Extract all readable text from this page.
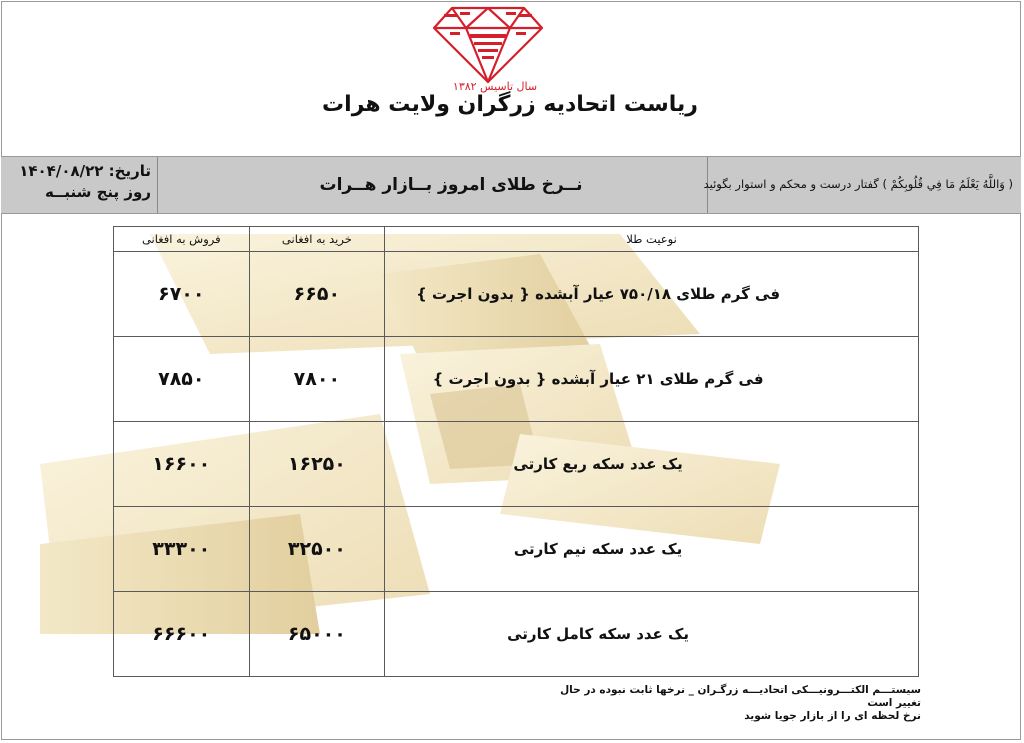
سال تاسیس ۱۳۸۲
ریاست اتحادیه زرگران ولایت هرات
تاریخ: ۱۴۰۴/۰۸/۲۲
روز پنج شنبــه	نــرخ طلای امروز بــازار هــرات	( وَاللَّهُ يَعْلَمُ مَا فِي قُلُوبِكُمْ ) گفتار درست و محکم و استوار بگوئید
نوعیت طلا	خرید به افغانی	فروش به افغانی
فی گرم طلای ۷۵۰/۱۸ عیار آبشده { بدون اجرت }	۶۶۵۰	۶۷۰۰
فی گرم طلای ۲۱ عیار آبشده { بدون اجرت }	۷۸۰۰	۷۸۵۰
یک عدد سکه ربع کارتی	۱۶۲۵۰	۱۶۶۰۰
یک عدد سکه نیم کارتی	۳۲۵۰۰	۳۳۳۰۰
یک عدد سکه کامل کارتی	۶۵۰۰۰	۶۶۶۰۰
سیستـــم الکتـــرونیـــکی اتحادیـــه زرگـران _ نرخها ثابت نبوده در حال تغییر است
نرخ لحظه ای را از بازار جویا شوید
